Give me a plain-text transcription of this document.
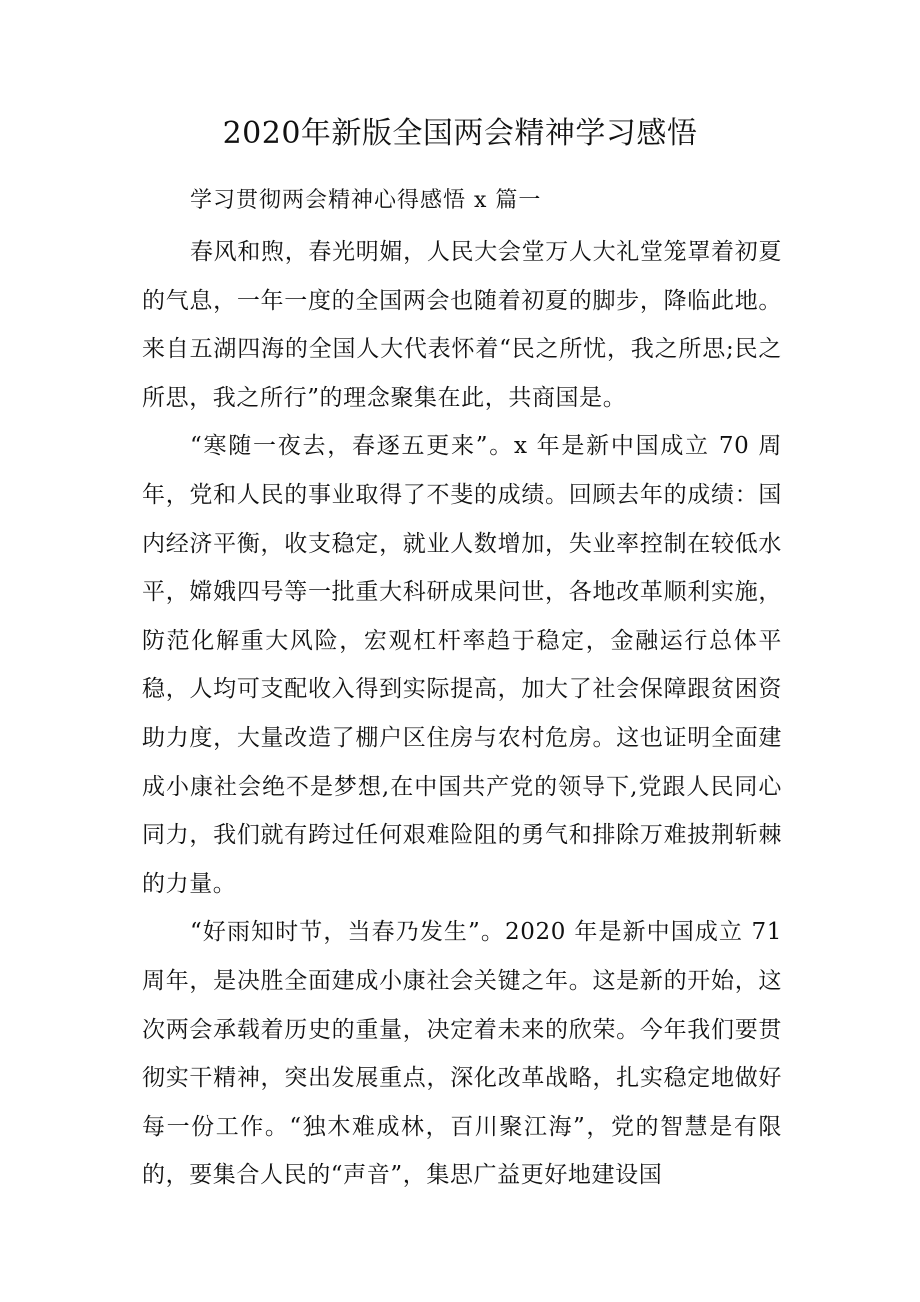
2020年新版全国两会精神学习感悟

学习贯彻两会精神心得感悟 x 篇一

春风和煦，春光明媚，人民大会堂万人大礼堂笼罩着初夏的气息，一年一度的全国两会也随着初夏的脚步，降临此地。来自五湖四海的全国人大代表怀着“民之所忧，我之所思;民之所思，我之所行”的理念聚集在此，共商国是。

“寒随一夜去，春逐五更来”。x 年是新中国成立 70 周年，党和人民的事业取得了不斐的成绩。回顾去年的成绩：国内经济平衡，收支稳定，就业人数增加，失业率控制在较低水平，嫦娥四号等一批重大科研成果问世，各地改革顺利实施，防范化解重大风险，宏观杠杆率趋于稳定，金融运行总体平稳，人均可支配收入得到实际提高，加大了社会保障跟贫困资助力度，大量改造了棚户区住房与农村危房。这也证明全面建成小康社会绝不是梦想,在中国共产党的领导下,党跟人民同心同力，我们就有跨过任何艰难险阻的勇气和排除万难披荆斩棘的力量。

“好雨知时节，当春乃发生”。2020 年是新中国成立 71 周年，是决胜全面建成小康社会关键之年。这是新的开始，这次两会承载着历史的重量，决定着未来的欣荣。今年我们要贯彻实干精神，突出发展重点，深化改革战略，扎实稳定地做好每一份工作。“独木难成林，百川聚江海”，党的智慧是有限的，要集合人民的“声音”，集思广益更好地建设国
